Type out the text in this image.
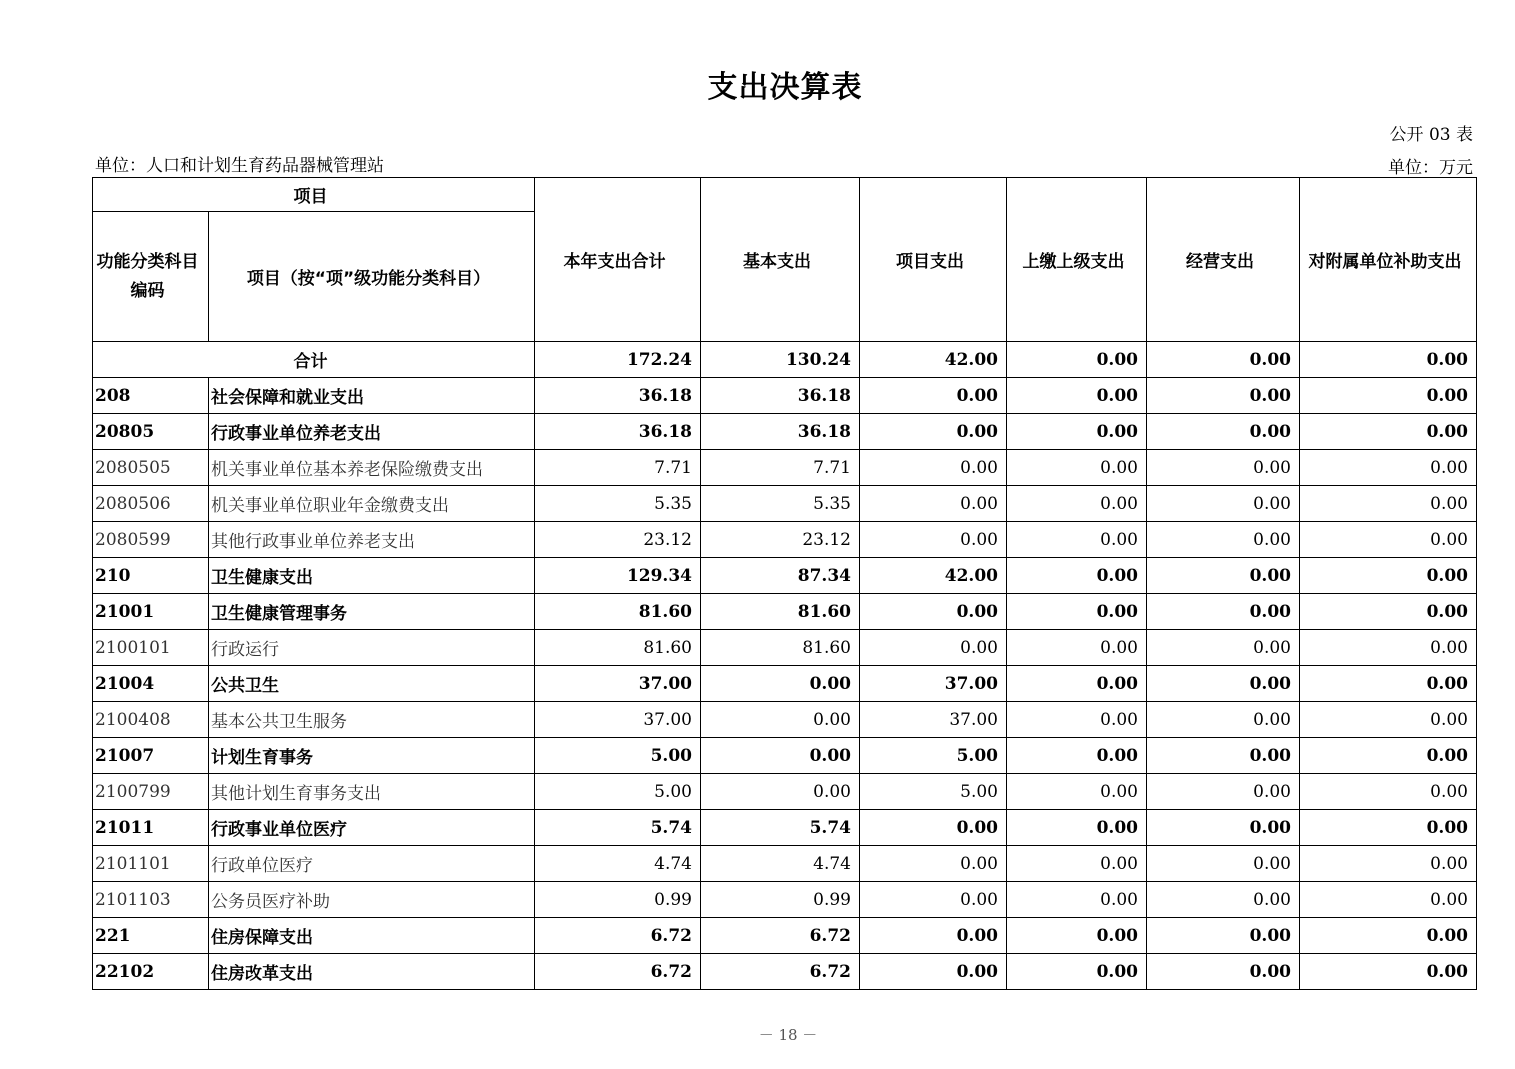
支出决算表
公开 03 表
单位：人口和计划生育药品器械管理站	单位：万元
项目		本年支出合计	基本支出	项目支出	上缴上级支出	经营支出	对附属单位补助支出
功能分类科目编码	项目（按“项”级功能分类科目）						
合计		172.24	130.24	42.00	0.00	0.00	0.00
208	社会保障和就业支出	36.18	36.18	0.00	0.00	0.00	0.00
20805	行政事业单位养老支出	36.18	36.18	0.00	0.00	0.00	0.00
2080505	机关事业单位基本养老保险缴费支出	7.71	7.71	0.00	0.00	0.00	0.00
2080506	机关事业单位职业年金缴费支出	5.35	5.35	0.00	0.00	0.00	0.00
2080599	其他行政事业单位养老支出	23.12	23.12	0.00	0.00	0.00	0.00
210	卫生健康支出	129.34	87.34	42.00	0.00	0.00	0.00
21001	卫生健康管理事务	81.60	81.60	0.00	0.00	0.00	0.00
2100101	行政运行	81.60	81.60	0.00	0.00	0.00	0.00
21004	公共卫生	37.00	0.00	37.00	0.00	0.00	0.00
2100408	基本公共卫生服务	37.00	0.00	37.00	0.00	0.00	0.00
21007	计划生育事务	5.00	0.00	5.00	0.00	0.00	0.00
2100799	其他计划生育事务支出	5.00	0.00	5.00	0.00	0.00	0.00
21011	行政事业单位医疗	5.74	5.74	0.00	0.00	0.00	0.00
2101101	行政单位医疗	4.74	4.74	0.00	0.00	0.00	0.00
2101103	公务员医疗补助	0.99	0.99	0.00	0.00	0.00	0.00
221	住房保障支出	6.72	6.72	0.00	0.00	0.00	0.00
22102	住房改革支出	6.72	6.72	0.00	0.00	0.00	0.00
－ 18 －
